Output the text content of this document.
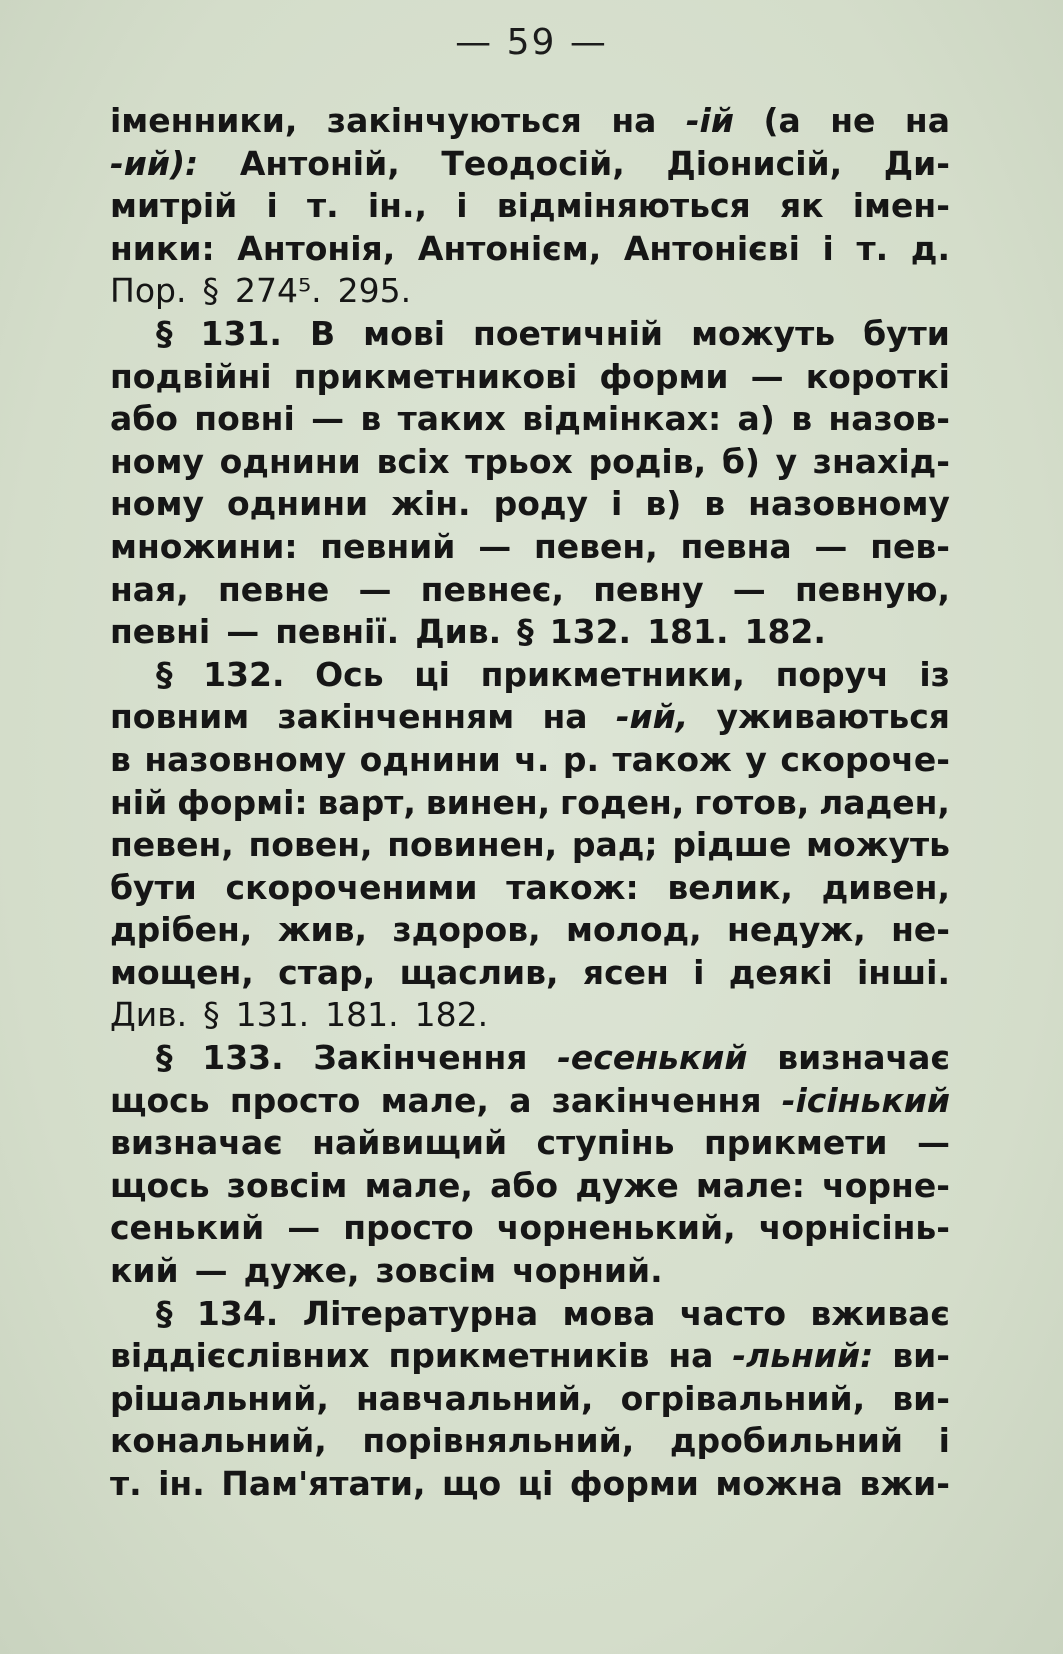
— 59 —
іменники, закінчуються на -ій (а не на
-ий): Антоній, Теодосій, Діонисій, Ди-
митрій і т. ін., і відміняються як імен-
ники: Антонія, Антонієм, Антонієві і т. д.
Пор. § 274⁵. 295.
§ 131. В мові поетичній можуть бути
подвійні прикметникові форми — короткі
або повні — в таких відмінках: а) в назов-
ному однини всіх трьох родів, б) у знахід-
ному однини жін. роду і в) в назовному
множини: певний — певен, певна — пев-
ная, певне — певнеє, певну — певную,
певні — певнії. Див. § 132. 181. 182.
§ 132. Ось ці прикметники, поруч із
повним закінченням на -ий, уживаються
в назовному однини ч. р. також у скороче-
ній формі: варт, винен, годен, готов, ладен,
певен, повен, повинен, рад; рідше можуть
бути скороченими також: велик, дивен,
дрібен, жив, здоров, молод, недуж, не-
мощен, стар, щаслив, ясен і деякі інші.
Див. § 131. 181. 182.
§ 133. Закінчення -есенький визначає
щось просто мале, а закінчення -ісінький
визначає найвищий ступінь прикмети —
щось зовсім мале, або дуже мале: чорне-
сенький — просто чорненький, чорнісінь-
кий — дуже, зовсім чорний.
§ 134. Літературна мова часто вживає
віддієслівних прикметників на -льний: ви-
рішальний, навчальний, огрівальний, ви-
кональний, порівняльний, дробильний і
т. ін. Пам'ятати, що ці форми можна вжи-
